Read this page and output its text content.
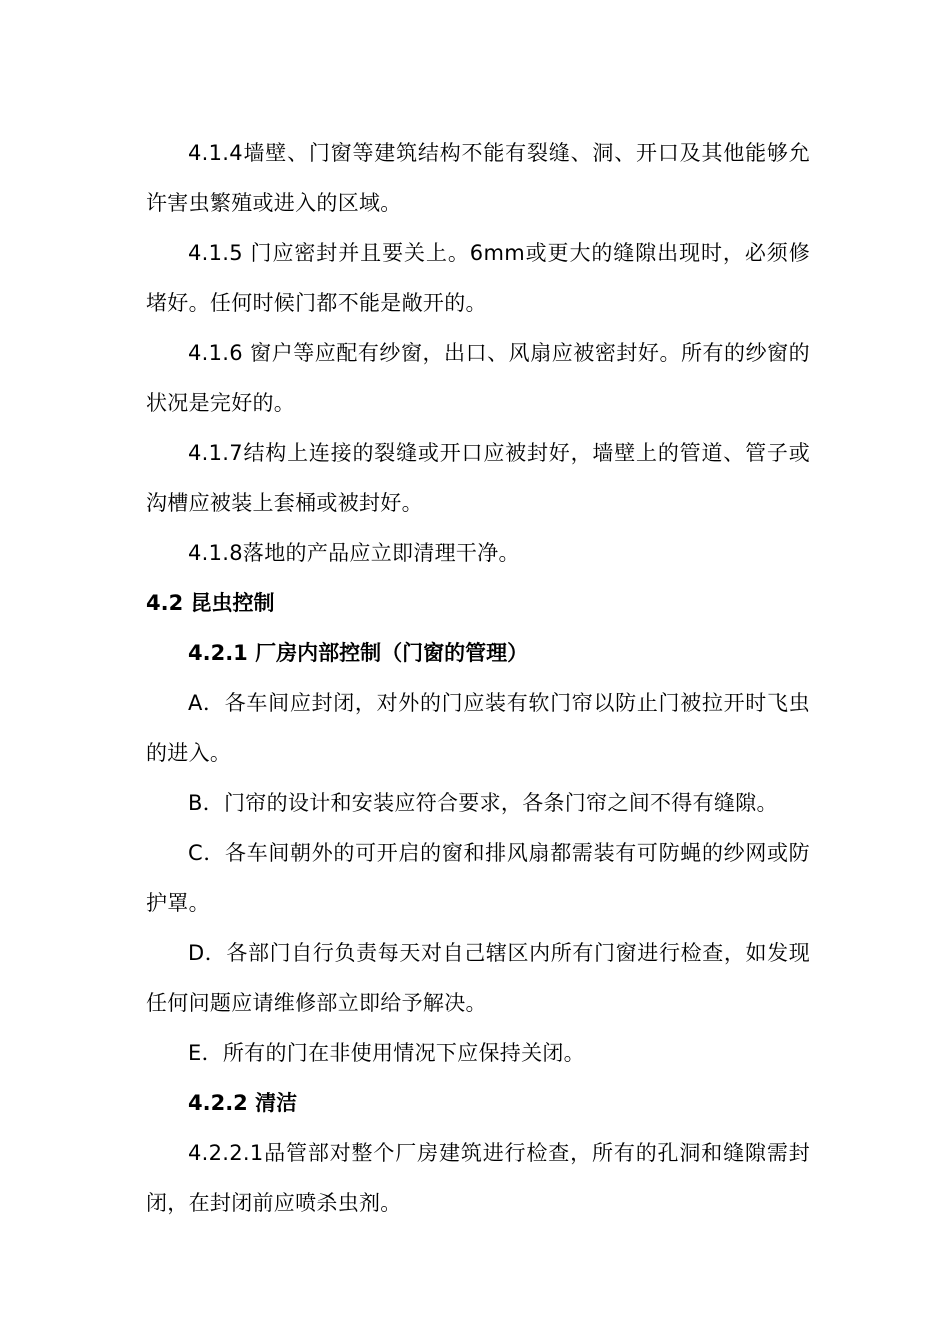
4.1.4墙壁、门窗等建筑结构不能有裂缝、洞、开口及其他能够允许害虫繁殖或进入的区域。

4.1.5 门应密封并且要关上。6mm或更大的缝隙出现时，必须修堵好。任何时候门都不能是敞开的。

4.1.6 窗户等应配有纱窗，出口、风扇应被密封好。所有的纱窗的状况是完好的。

4.1.7结构上连接的裂缝或开口应被封好，墙壁上的管道、管子或沟槽应被装上套桶或被封好。

4.1.8落地的产品应立即清理干净。

4.2 昆虫控制

4.2.1 厂房内部控制（门窗的管理）

A．各车间应封闭，对外的门应装有软门帘以防止门被拉开时飞虫的进入。

B．门帘的设计和安装应符合要求，各条门帘之间不得有缝隙。

C．各车间朝外的可开启的窗和排风扇都需装有可防蝇的纱网或防护罩。

D．各部门自行负责每天对自己辖区内所有门窗进行检查，如发现任何问题应请维修部立即给予解决。

E．所有的门在非使用情况下应保持关闭。

4.2.2 清洁

4.2.2.1品管部对整个厂房建筑进行检查，所有的孔洞和缝隙需封闭，在封闭前应喷杀虫剂。
